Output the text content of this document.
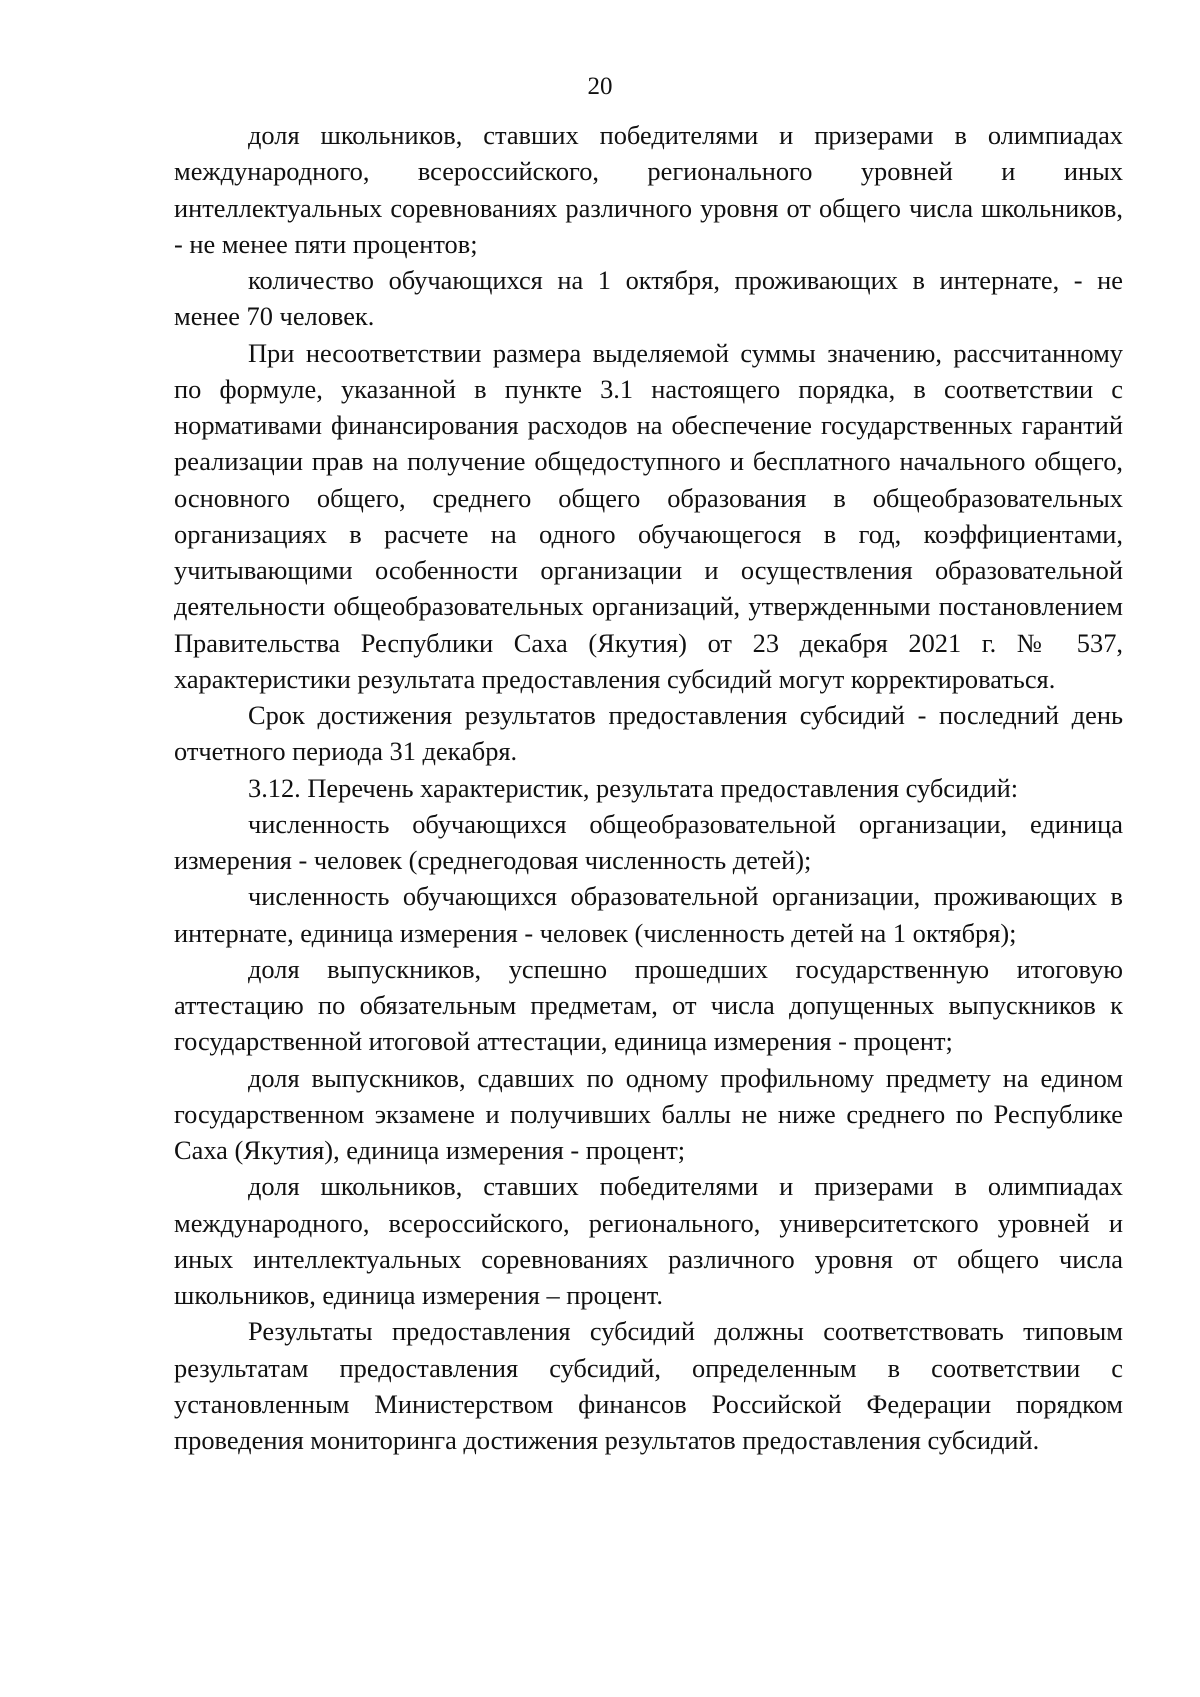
20

доля школьников, ставших победителями и призерами в олимпиадах международного, всероссийского, регионального уровней и иных интеллектуальных соревнованиях различного уровня от общего числа школьников, - не менее пяти процентов;

количество обучающихся на 1 октября, проживающих в интернате, - не менее 70 человек.

При несоответствии размера выделяемой суммы значению, рассчитанному по формуле, указанной в пункте 3.1 настоящего порядка, в соответствии с нормативами финансирования расходов на обеспечение государственных гарантий реализации прав на получение общедоступного и бесплатного начального общего, основного общего, среднего общего образования в общеобразовательных организациях в расчете на одного обучающегося в год, коэффициентами, учитывающими особенности организации и осуществления образовательной деятельности общеобразовательных организаций, утвержденными постановлением Правительства Республики Саха (Якутия) от 23 декабря 2021 г. № 537, характеристики результата предоставления субсидий могут корректироваться.

Срок достижения результатов предоставления субсидий - последний день отчетного периода 31 декабря.

3.12. Перечень характеристик, результата предоставления субсидий:

численность обучающихся общеобразовательной организации, единица измерения - человек (среднегодовая численность детей);

численность обучающихся образовательной организации, проживающих в интернате, единица измерения - человек (численность детей на 1 октября);

доля выпускников, успешно прошедших государственную итоговую аттестацию по обязательным предметам, от числа допущенных выпускников к государственной итоговой аттестации, единица измерения - процент;

доля выпускников, сдавших по одному профильному предмету на едином государственном экзамене и получивших баллы не ниже среднего по Республике Саха (Якутия), единица измерения - процент;

доля школьников, ставших победителями и призерами в олимпиадах международного, всероссийского, регионального, университетского уровней и иных интеллектуальных соревнованиях различного уровня от общего числа школьников, единица измерения – процент.

Результаты предоставления субсидий должны соответствовать типовым результатам предоставления субсидий, определенным в соответствии с установленным Министерством финансов Российской Федерации порядком проведения мониторинга достижения результатов предоставления субсидий.
